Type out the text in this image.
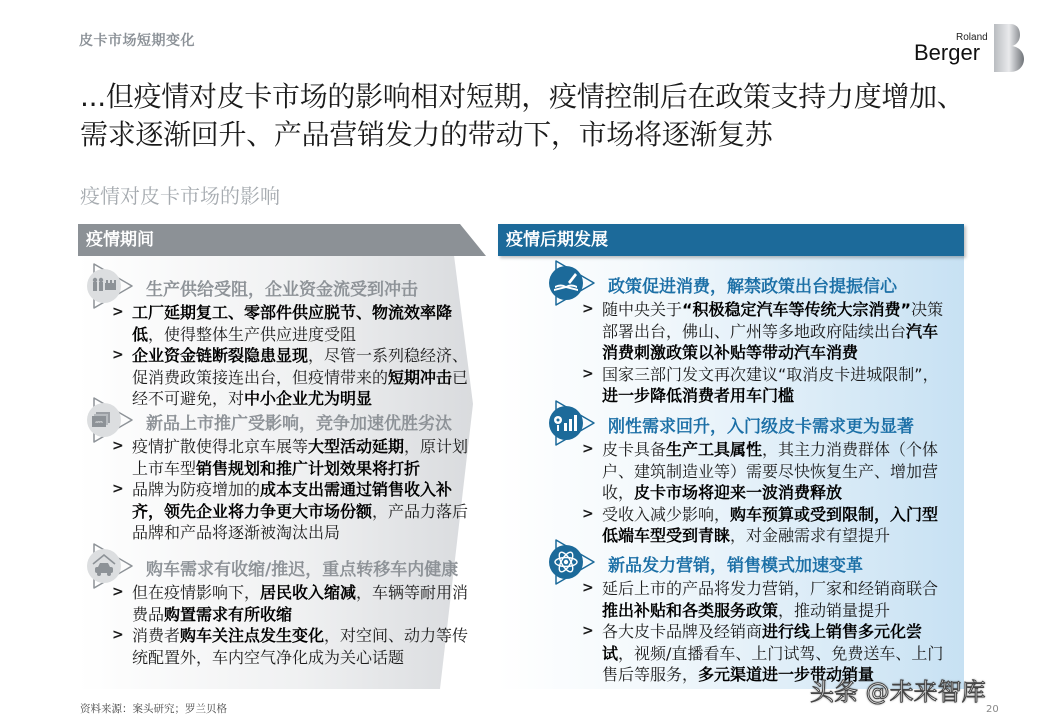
皮卡市场短期变化	Roland
Berger
...但疫情对皮卡市场的影响相对短期，疫情控制后在政策支持力度增加、需求逐渐回升、产品营销发力的带动下，市场将逐渐复苏
疫情对皮卡市场的影响
疫情期间
生产供给受阻，企业资金流受到冲击
> 工厂延期复工、零部件供应脱节、物流效率降低，使得整体生产供应进度受阻
> 企业资金链断裂隐患显现，尽管一系列稳经济、促消费政策接连出台，但疫情带来的短期冲击已经不可避免，对中小企业尤为明显
APPS	新品上市推广受影响，竞争加速优胜劣汰
> 疫情扩散使得北京车展等大型活动延期，原计划上市车型销售规划和推广计划效果将打折
> 品牌为防疫增加的成本支出需通过销售收入补齐，领先企业将力争更大市场份额，产品力落后品牌和产品将逐渐被淘汰出局
购车需求有收缩/推迟，重点转移车内健康
> 但在疫情影响下，居民收入缩减，车辆等耐用消费品购置需求有所收缩
> 消费者购车关注点发生变化，对空间、动力等传统配置外，车内空气净化成为关心话题
疫情后期发展
政策促进消费，解禁政策出台提振信心
> 随中央关于“积极稳定汽车等传统大宗消费”决策部署出台，佛山、广州等多地政府陆续出台汽车消费刺激政策以补贴等带动汽车消费
> 国家三部门发文再次建议“取消皮卡进城限制”，进一步降低消费者用车门槛
刚性需求回升，入门级皮卡需求更为显著
> 皮卡具备生产工具属性，其主力消费群体（个体户、建筑制造业等）需要尽快恢复生产、增加营收，皮卡市场将迎来一波消费释放
> 受收入减少影响，购车预算或受到限制，入门型低端车型受到青睐，对金融需求有望提升
新品发力营销，销售模式加速变革
> 延后上市的产品将发力营销，厂家和经销商联合推出补贴和各类服务政策，推动销量提升
> 各大皮卡品牌及经销商进行线上销售多元化尝试，视频/直播看车、上门试驾、免费送车、上门售后等服务，多元渠道进一步带动销量
资料来源：案头研究；罗兰贝格	20
头条 @未来智库
